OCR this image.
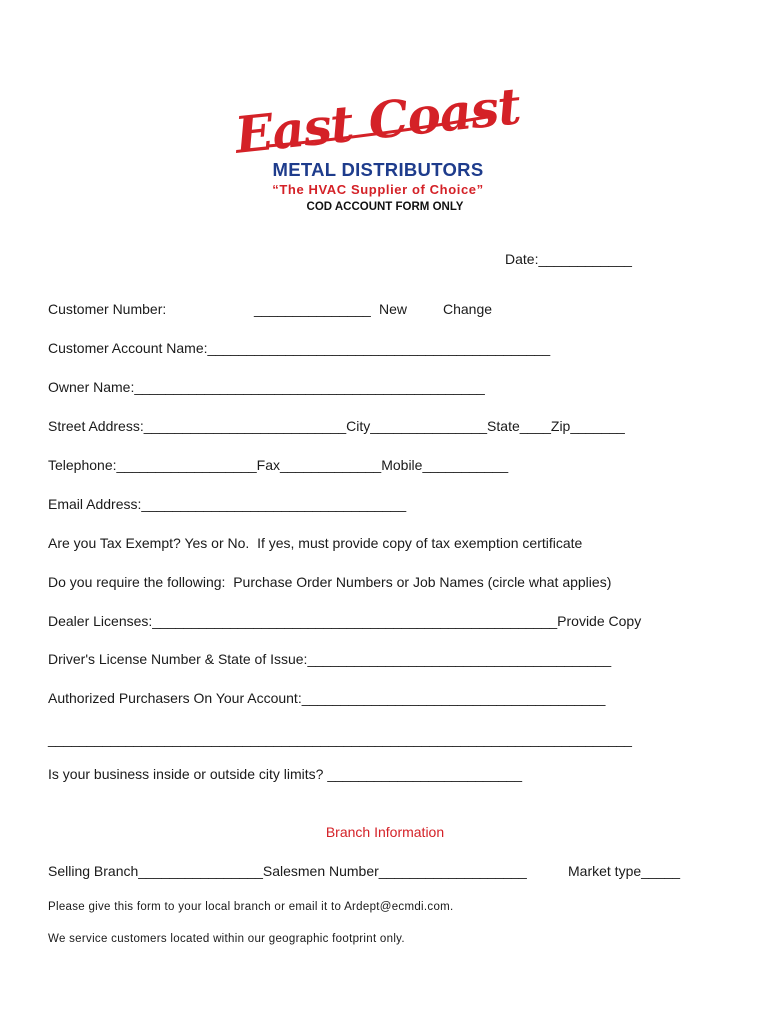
East Coast
METAL DISTRIBUTORS
“The HVAC Supplier of Choice”
COD ACCOUNT FORM ONLY
Date:____________
Customer Number:	_______________ New	Change
Customer Account Name:____________________________________________
Owner Name:_____________________________________________
Street Address:__________________________City_______________State____Zip_______
Telephone:__________________Fax_____________Mobile___________
Email Address:__________________________________
Are you Tax Exempt? Yes or No.  If yes, must provide copy of tax exemption certificate
Do you require the following:  Purchase Order Numbers or Job Names (circle what applies)
Dealer Licenses:____________________________________________________Provide Copy
Driver's License Number & State of Issue:_______________________________________
Authorized Purchasers On Your Account:_______________________________________
___________________________________________________________________________
Is your business inside or outside city limits? _________________________
Branch Information
Selling Branch________________Salesmen Number___________________	Market type_____
Please give this form to your local branch or email it to Ardept@ecmdi.com.
We service customers located within our geographic footprint only.
